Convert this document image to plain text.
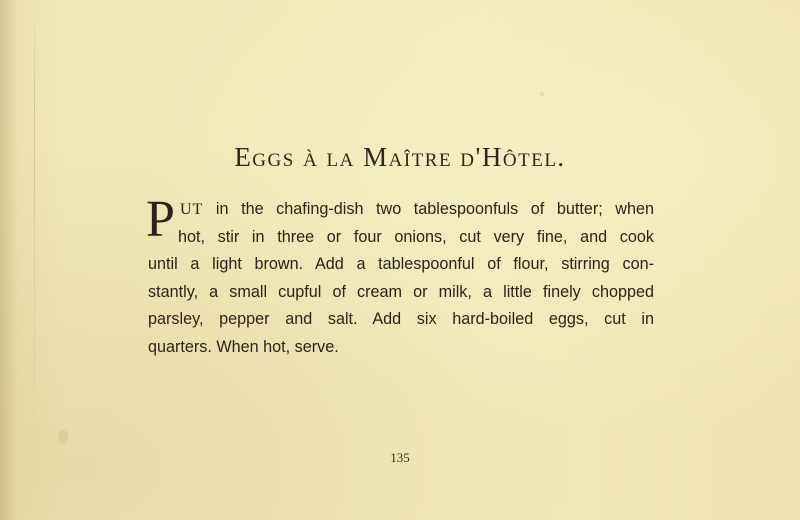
Eggs à la Maître d'Hôtel.
P UT in the chafing-dish two tablespoonfuls of butter; when
hot, stir in three or four onions, cut very fine, and cook
until a light brown. Add a tablespoonful of flour, stirring con-
stantly, a small cupful of cream or milk, a little finely chopped
parsley, pepper and salt. Add six hard-boiled eggs, cut in
quarters. When hot, serve.
135
